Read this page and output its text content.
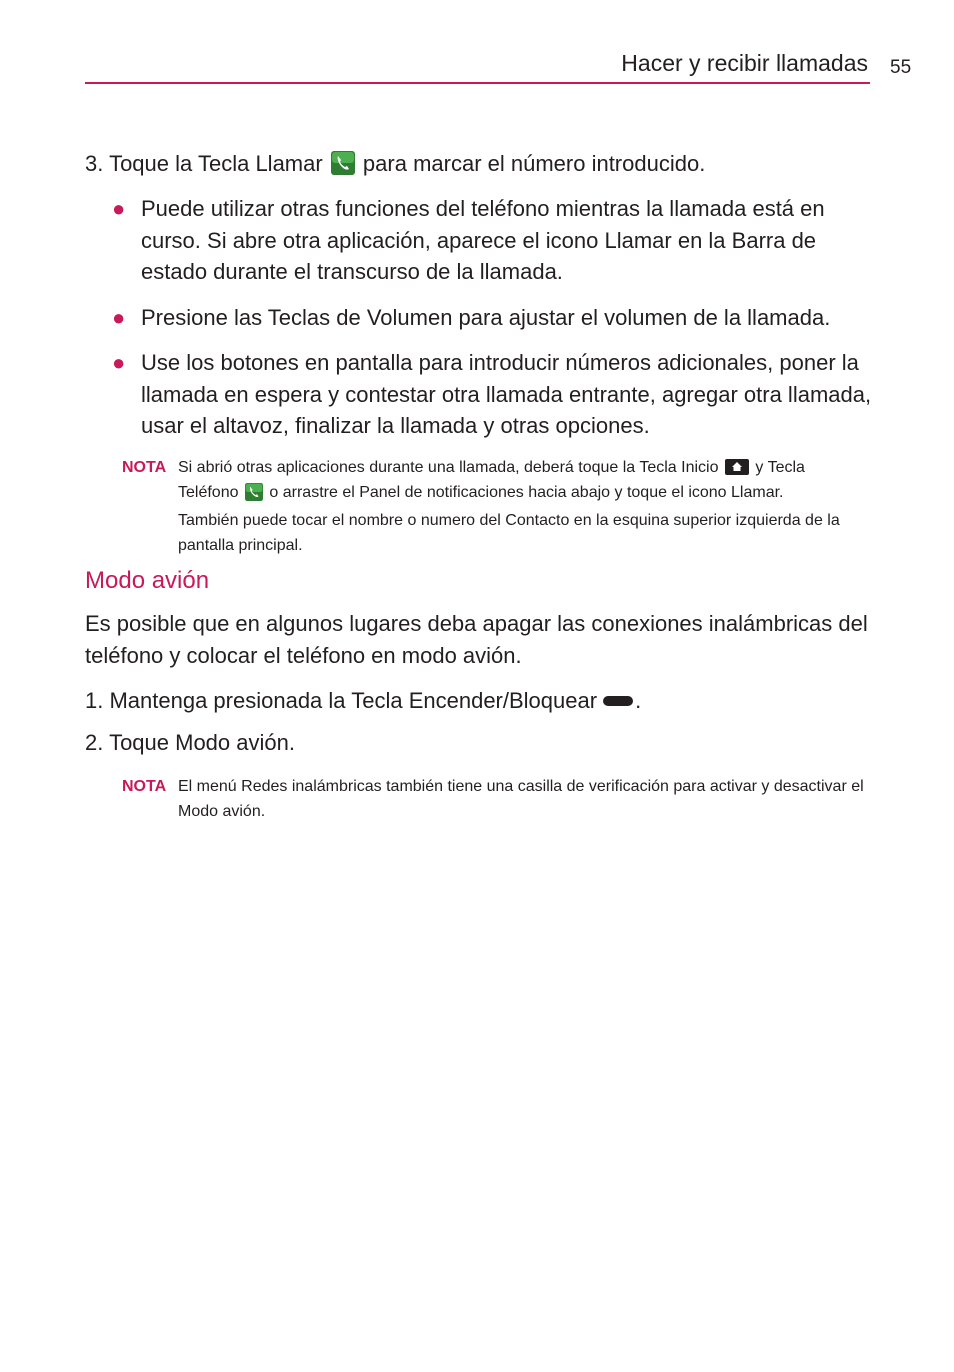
Hacer y recibir llamadas 55
3. Toque la Tecla Llamar  para marcar el número introducido.
● Puede utilizar otras funciones del teléfono mientras la llamada está en curso. Si abre otra aplicación, aparece el icono Llamar en la Barra de estado durante el transcurso de la llamada.
● Presione las Teclas de Volumen para ajustar el volumen de la llamada.
● Use los botones en pantalla para introducir números adicionales, poner la llamada en espera y contestar otra llamada entrante, agregar otra llamada, usar el altavoz, finalizar la llamada y otras opciones.
NOTA Si abrió otras aplicaciones durante una llamada, deberá toque la Tecla Inicio  y Tecla Teléfono  o arrastre el Panel de notificaciones hacia abajo y toque el icono Llamar.

También puede tocar el nombre o numero del Contacto en la esquina superior izquierda de la pantalla principal.

Modo avión
Es posible que en algunos lugares deba apagar las conexiones inalámbricas del teléfono y colocar el teléfono en modo avión.
1. Mantenga presionada la Tecla Encender/Bloquear .
2. Toque Modo avión.
NOTA El menú Redes inalámbricas también tiene una casilla de verificación para activar y desactivar el Modo avión.
